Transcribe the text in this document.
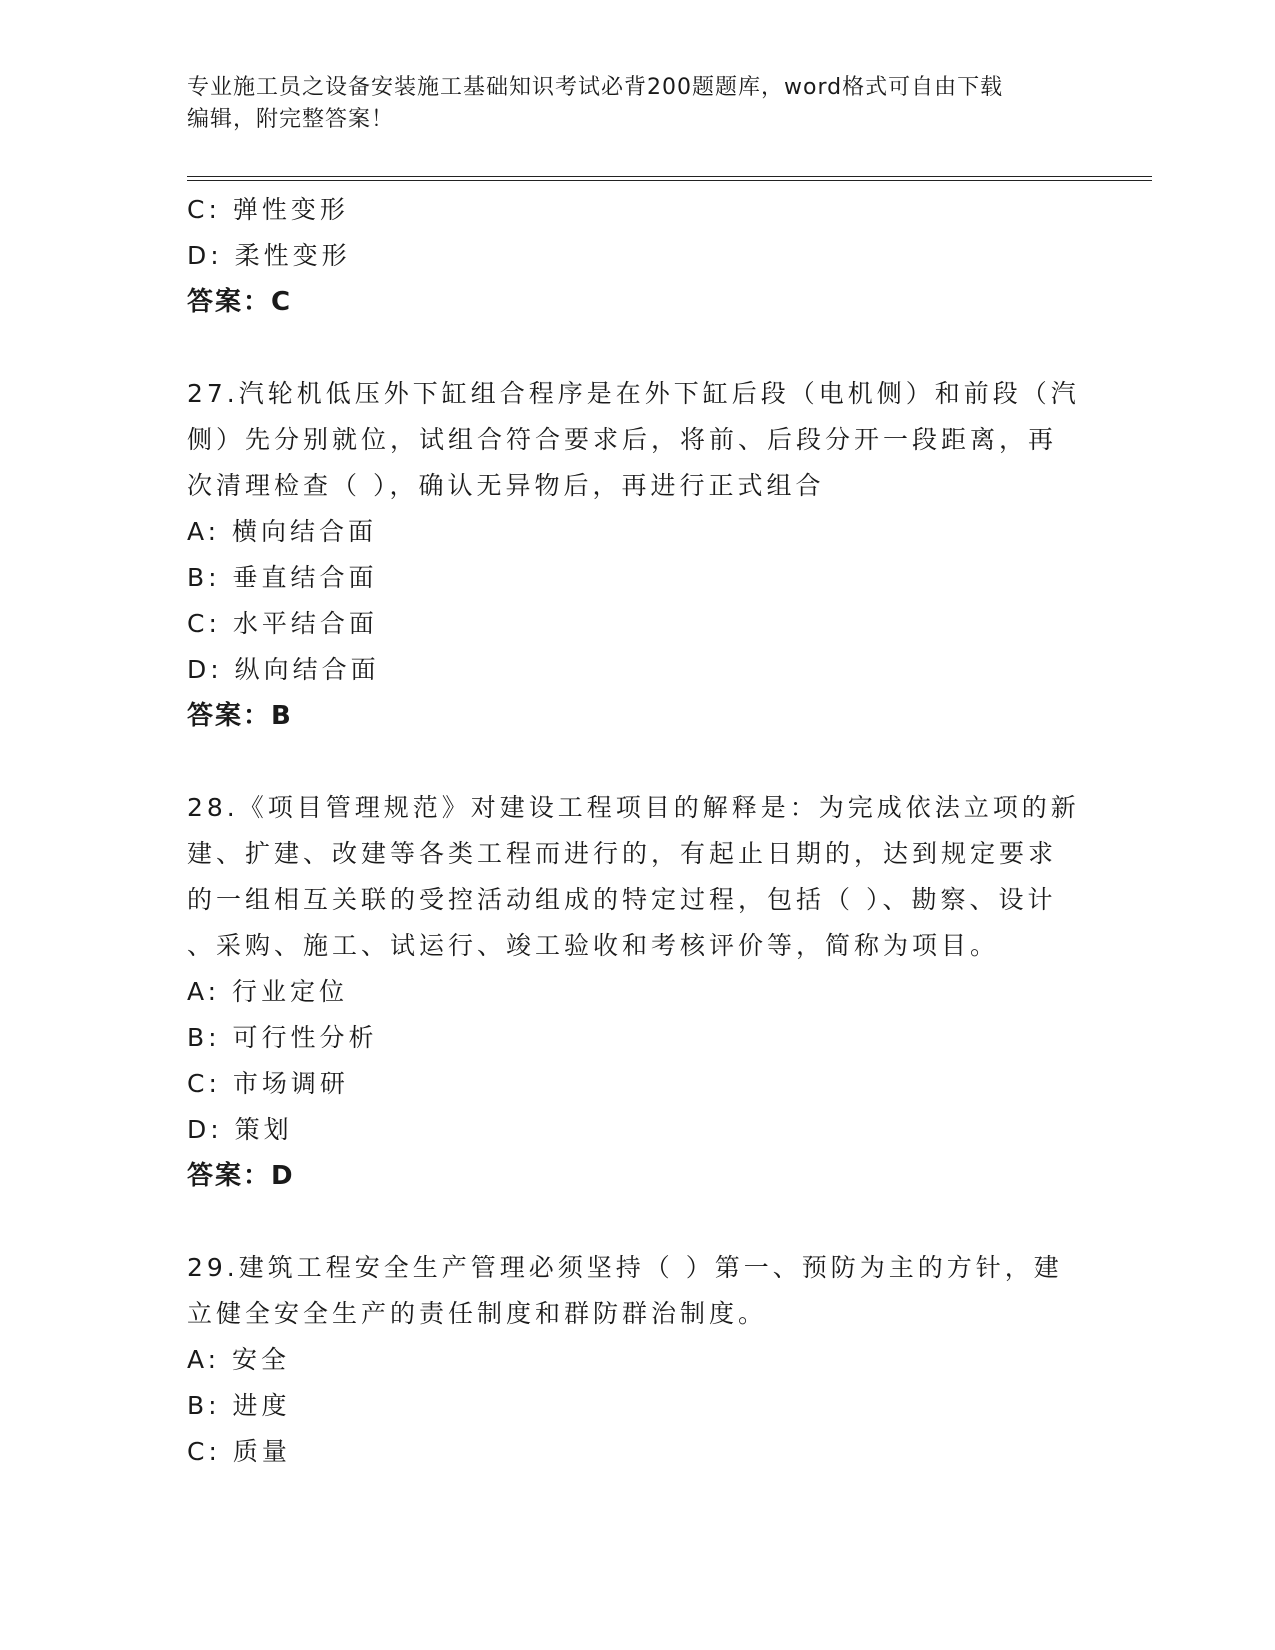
专业施工员之设备安装施工基础知识考试必背200题题库，word格式可自由下载
编辑，附完整答案！
C: 弹性变形
D: 柔性变形
答案：C
27.汽轮机低压外下缸组合程序是在外下缸后段（电机侧）和前段（汽
侧）先分别就位，试组合符合要求后，将前、后段分开一段距离，再
次清理检查（ ），确认无异物后，再进行正式组合
A: 横向结合面
B: 垂直结合面
C: 水平结合面
D: 纵向结合面
答案：B
28.《项目管理规范》对建设工程项目的解释是：为完成依法立项的新
建、扩建、改建等各类工程而进行的，有起止日期的，达到规定要求
的一组相互关联的受控活动组成的特定过程，包括（ ）、勘察、设计
、采购、施工、试运行、竣工验收和考核评价等，简称为项目。
A: 行业定位
B: 可行性分析
C: 市场调研
D: 策划
答案：D
29.建筑工程安全生产管理必须坚持（ ）第一、预防为主的方针，建
立健全安全生产的责任制度和群防群治制度。
A: 安全
B: 进度
C: 质量
